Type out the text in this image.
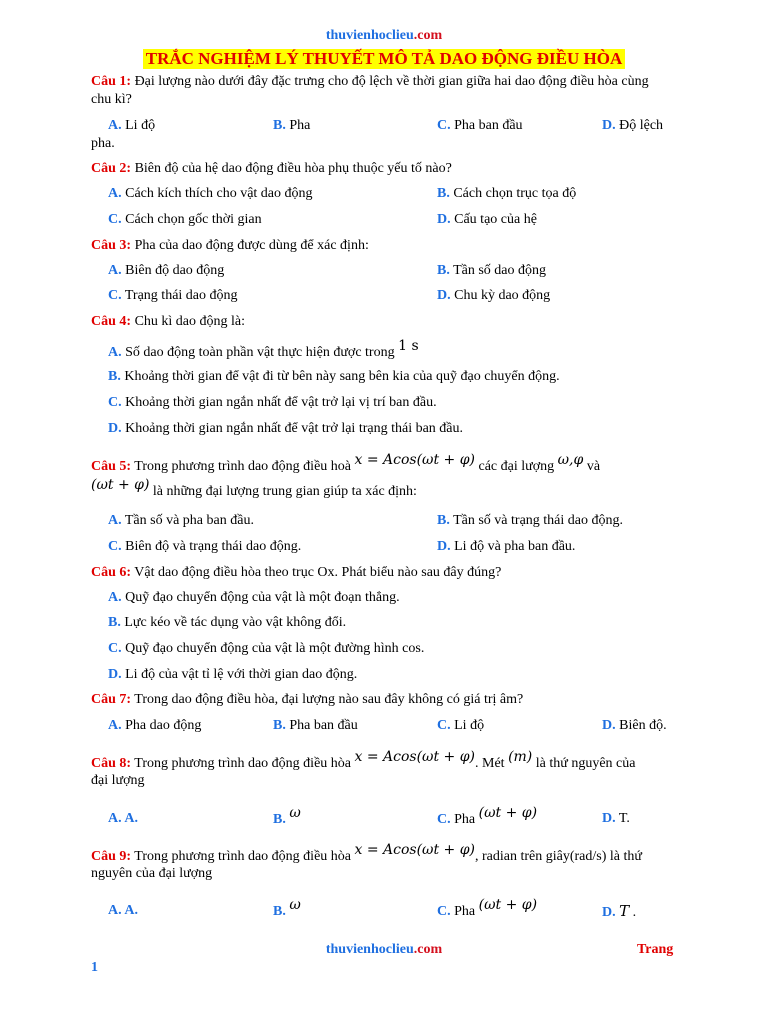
thuvienhoclieu.com
TRẮC NGHIỆM LÝ THUYẾT MÔ TẢ DAO ĐỘNG ĐIỀU HÒA
Câu 1: Đại lượng nào dưới đây đặc trưng cho độ lệch về thời gian giữa hai dao động điều hòa cùng chu kì?
A. Li độ	B. Pha	C. Pha ban đầu	D. Độ lệch
pha.
Câu 2: Biên độ của hệ dao động điều hòa phụ thuộc yếu tố nào?
A. Cách kích thích cho vật dao động	B. Cách chọn trục tọa độ
C. Cách chọn gốc thời gian	D. Cấu tạo của hệ
Câu 3: Pha của dao động được dùng để xác định:
A. Biên độ dao động	B. Tần số dao động
C. Trạng thái dao động	D. Chu kỳ dao động
Câu 4: Chu kì dao động là:
A. Số dao động toàn phần vật thực hiện được trong 1 s
B. Khoảng thời gian để vật đi từ bên này sang bên kia của quỹ đạo chuyển động.
C. Khoảng thời gian ngắn nhất để vật trở lại vị trí ban đầu.
D. Khoảng thời gian ngắn nhất để vật trở lại trạng thái ban đầu.
Câu 5: Trong phương trình dao động điều hoà x = Acos(ωt + φ) các đại lượng ω,φ và
(ωt + φ) là những đại lượng trung gian giúp ta xác định:
A. Tần số và pha ban đầu.	B. Tần số và trạng thái dao động.
C. Biên độ và trạng thái dao động.	D. Li độ và pha ban đầu.
Câu 6: Vật dao động điều hòa theo trục Ox. Phát biểu nào sau đây đúng?
A. Quỹ đạo chuyển động của vật là một đoạn thẳng.
B. Lực kéo về tác dụng vào vật không đổi.
C. Quỹ đạo chuyển động của vật là một đường hình cos.
D. Li độ của vật tỉ lệ với thời gian dao động.
Câu 7: Trong dao động điều hòa, đại lượng nào sau đây không có giá trị âm?
A. Pha dao động	B. Pha ban đầu	C. Li độ	D. Biên độ.
Câu 8: Trong phương trình dao động điều hòa x = Acos(ωt + φ). Mét (m) là thứ nguyên của
đại lượng
A. A.	B. ω	C. Pha (ωt + φ)	D. T.
Câu 9: Trong phương trình dao động điều hòa x = Acos(ωt + φ), radian trên giây(rad/s) là thứ
nguyên của đại lượng
A. A.	B. ω	C. Pha (ωt + φ)	D. T .
thuvienhoclieu.com	Trang
1
